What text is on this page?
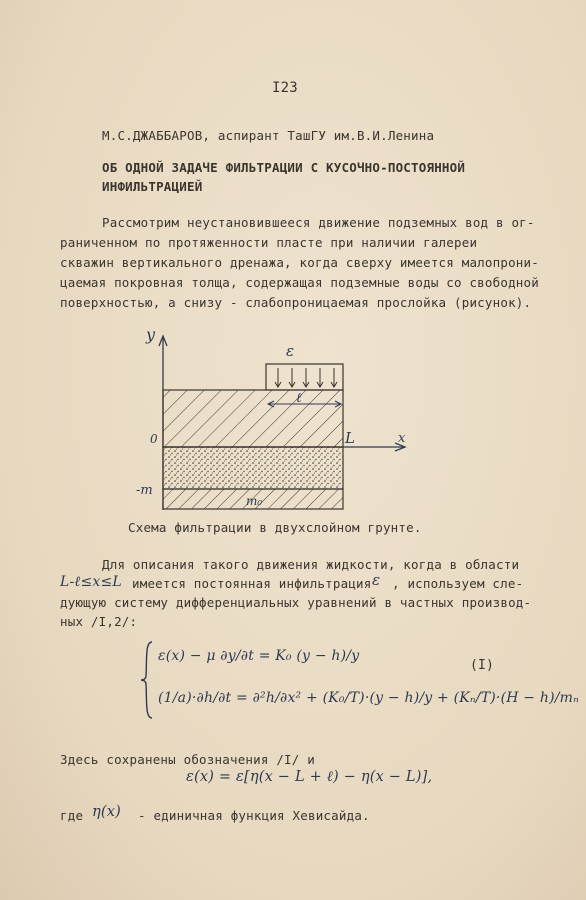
I23
М.С.ДЖАББАРОВ, аспирант ТашГУ им.В.И.Ленина
ОБ ОДНОЙ ЗАДАЧЕ ФИЛЬТРАЦИИ С КУСОЧНО-ПОСТОЯННОЙ
ИНФИЛЬТРАЦИЕЙ
Рассмотрим неустановившееся движение подземных вод в ог-
раниченном по протяженности пласте при наличии галереи
скважин вертикального дренажа, когда сверху имеется малопрони-
цаемая покровная толща, содержащая подземные воды со свободной
поверхностью, а снизу - слабопроницаемая прослойка (рисунок).
y
x
0
-m
L
ε
ℓ
m₀
Схема фильтрации в двухслойном грунте.
Для описания такого движения жидкости, когда в области
L-ℓ≤x≤L имеется постоянная инфильтрация ε , используем сле-
дующую систему дифференциальных уравнений в частных производ-
ных /I,2/:
ε(x) − μ ∂y/∂t = K₀ (y − h)/y
(1/a)·∂h/∂t = ∂²h/∂x² + (K₀/T)·(y − h)/y + (Kₙ/T)·(H − h)/mₙ
(I)
Здесь сохранены обозначения /I/ и
ε(x) = ε[η(x − L + ℓ) − η(x − L)],
где η(x) - единичная функция Хевисайда.
